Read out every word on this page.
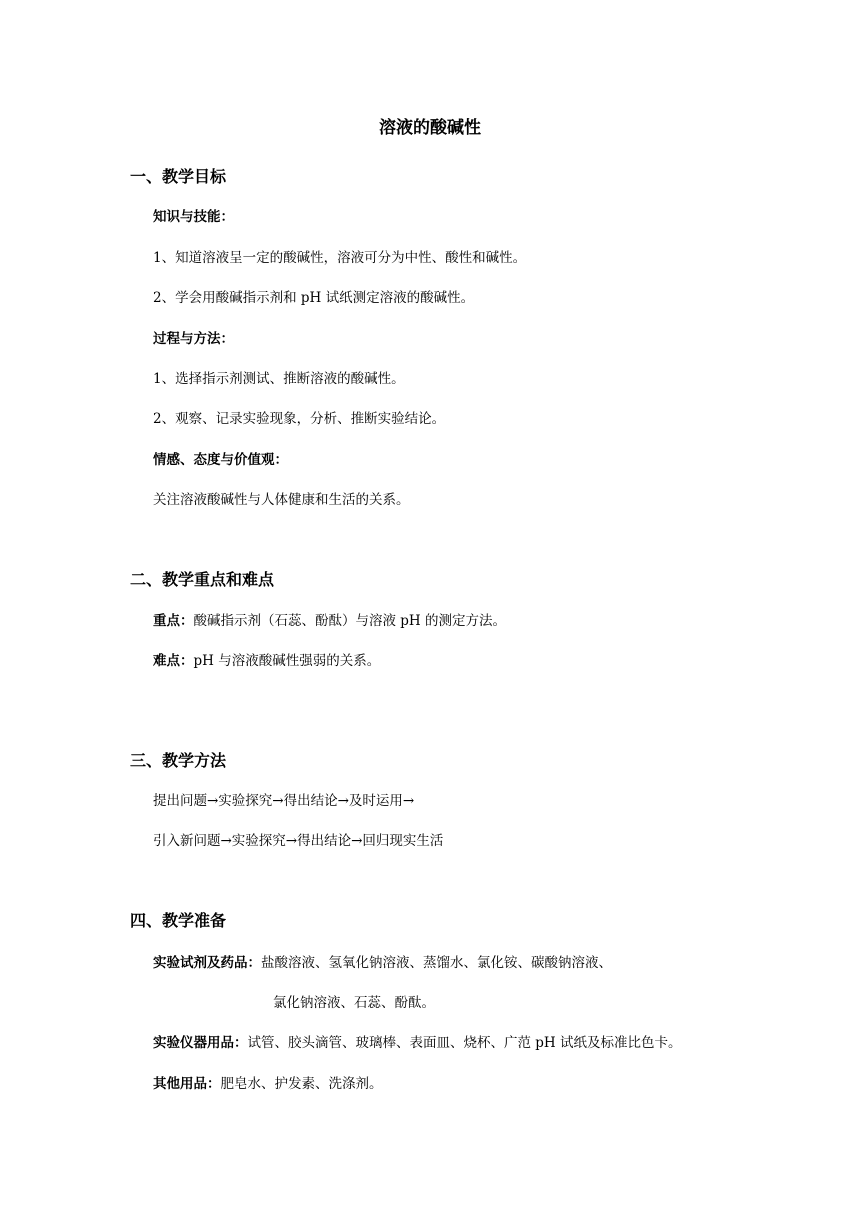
溶液的酸碱性
一、教学目标
知识与技能：
1、知道溶液呈一定的酸碱性，溶液可分为中性、酸性和碱性。
2、学会用酸碱指示剂和 pH 试纸测定溶液的酸碱性。
过程与方法：
1、选择指示剂测试、推断溶液的酸碱性。
2、观察、记录实验现象，分析、推断实验结论。
情感、态度与价值观：
关注溶液酸碱性与人体健康和生活的关系。
二、教学重点和难点
重点：酸碱指示剂（石蕊、酚酞）与溶液 pH 的测定方法。
难点：pH 与溶液酸碱性强弱的关系。
三、教学方法
提出问题→实验探究→得出结论→及时运用→
引入新问题→实验探究→得出结论→回归现实生活
四、教学准备
实验试剂及药品：盐酸溶液、氢氧化钠溶液、蒸馏水、氯化铵、碳酸钠溶液、
氯化钠溶液、石蕊、酚酞。
实验仪器用品：试管、胶头滴管、玻璃棒、表面皿、烧杯、广范 pH 试纸及标准比色卡。
其他用品：肥皂水、护发素、洗涤剂。
